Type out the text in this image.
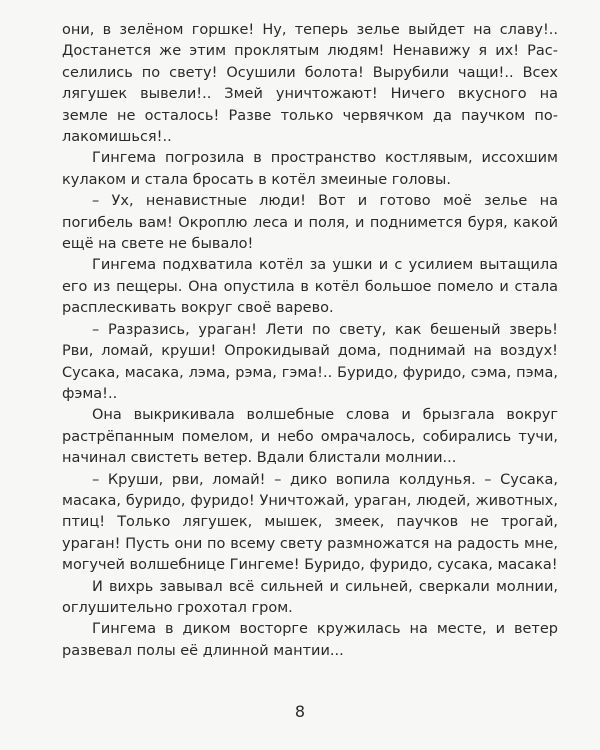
они, в зелёном горшке! Ну, теперь зелье выйдет на славу!.. Достанется же этим проклятым людям! Ненавижу я их! Расселились по свету! Осушили болота! Вырубили чащи!.. Всех лягушек вывели!.. Змей уничтожают! Ничего вкусного на земле не осталось! Разве только червячком да паучком полакомишься!..

Гингема погрозила в пространство костлявым, иссохшим кулаком и стала бросать в котёл змеиные головы.

– Ух, ненавистные люди! Вот и готово моё зелье на погибель вам! Окроплю леса и поля, и поднимется буря, какой ещё на свете не бывало!

Гингема подхватила котёл за ушки и с усилием вытащила его из пещеры. Она опустила в котёл большое помело и стала расплескивать вокруг своё варево.

– Разразись, ураган! Лети по свету, как бешеный зверь! Рви, ломай, круши! Опрокидывай дома, поднимай на воздух! Сусака, масака, лэма, рэма, гэма!.. Буридо, фуридо, сэма, пэма, фэма!..

Она выкрикивала волшебные слова и брызгала вокруг растрёпанным помелом, и небо омрачалось, собирались тучи, начинал свистеть ветер. Вдали блистали молнии...

– Круши, рви, ломай! – дико вопила колдунья. – Сусака, масака, буридо, фуридо! Уничтожай, ураган, людей, животных, птиц! Только лягушек, мышек, змеек, паучков не трогай, ураган! Пусть они по всему свету размножатся на радость мне, могучей волшебнице Гингеме! Буридо, фуридо, сусака, масака!

И вихрь завывал всё сильней и сильней, сверкали молнии, оглушительно грохотал гром.

Гингема в диком восторге кружилась на месте, и ветер развевал полы её длинной мантии...

8
